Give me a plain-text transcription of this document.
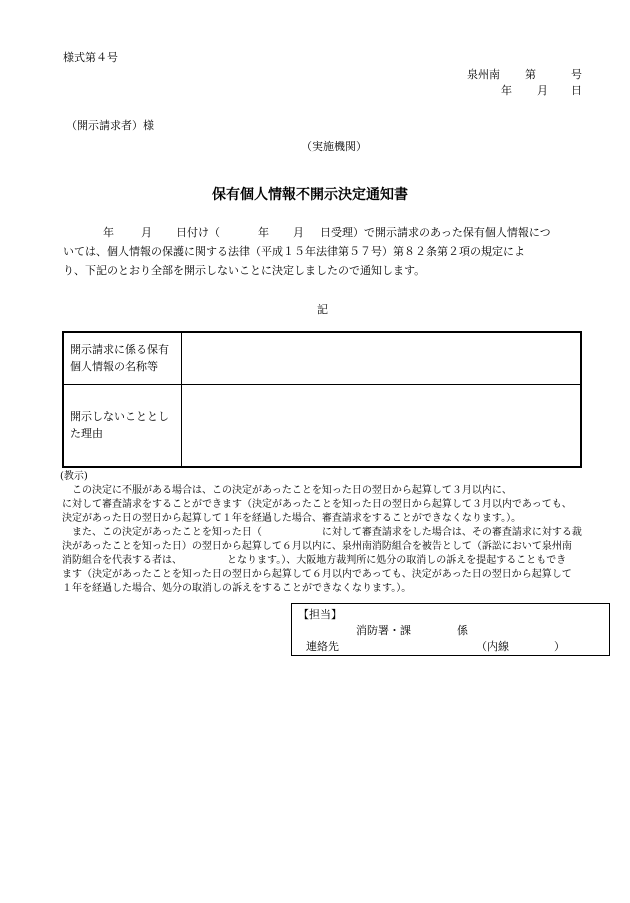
様式第４号
泉州南 第	号
年 月 日
（開示請求者）様
（実施機関）
保有個人情報不開示決定通知書
年 月 日付け（	年 月 日受理）で開示請求のあった保有個人情報につ
いては、個人情報の保護に関する法律（平成１５年法律第５７号）第８２条第２項の規定によ
り、下記のとおり全部を開示しないことに決定しましたので通知します。
記
開示請求に係る保有個人情報の名称等	
開示しないこととした理由	

(教示)

　この決定に不服がある場合は、この決定があったことを知った日の翌日から起算して３月以内に、

に対して審査請求をすることができます（決定があったことを知った日の翌日から起算して３月以内であっても、

決定があった日の翌日から起算して１年を経過した場合、審査請求をすることができなくなります。）。

　また、この決定があったことを知った日（　　　　　　に対して審査請求をした場合は、その審査請求に対する裁

決があったことを知った日）の翌日から起算して６月以内に、泉州南消防組合を被告として（訴訟において泉州南

消防組合を代表する者は、　　　　　となります。）、大阪地方裁判所に処分の取消しの訴えを提起することもでき

ます（決定があったことを知った日の翌日から起算して６月以内であっても、決定があった日の翌日から起算して

１年を経過した場合、処分の取消しの訴えをすることができなくなります。）。

【担当】
消防署・課	係
連絡先	（内線	）
